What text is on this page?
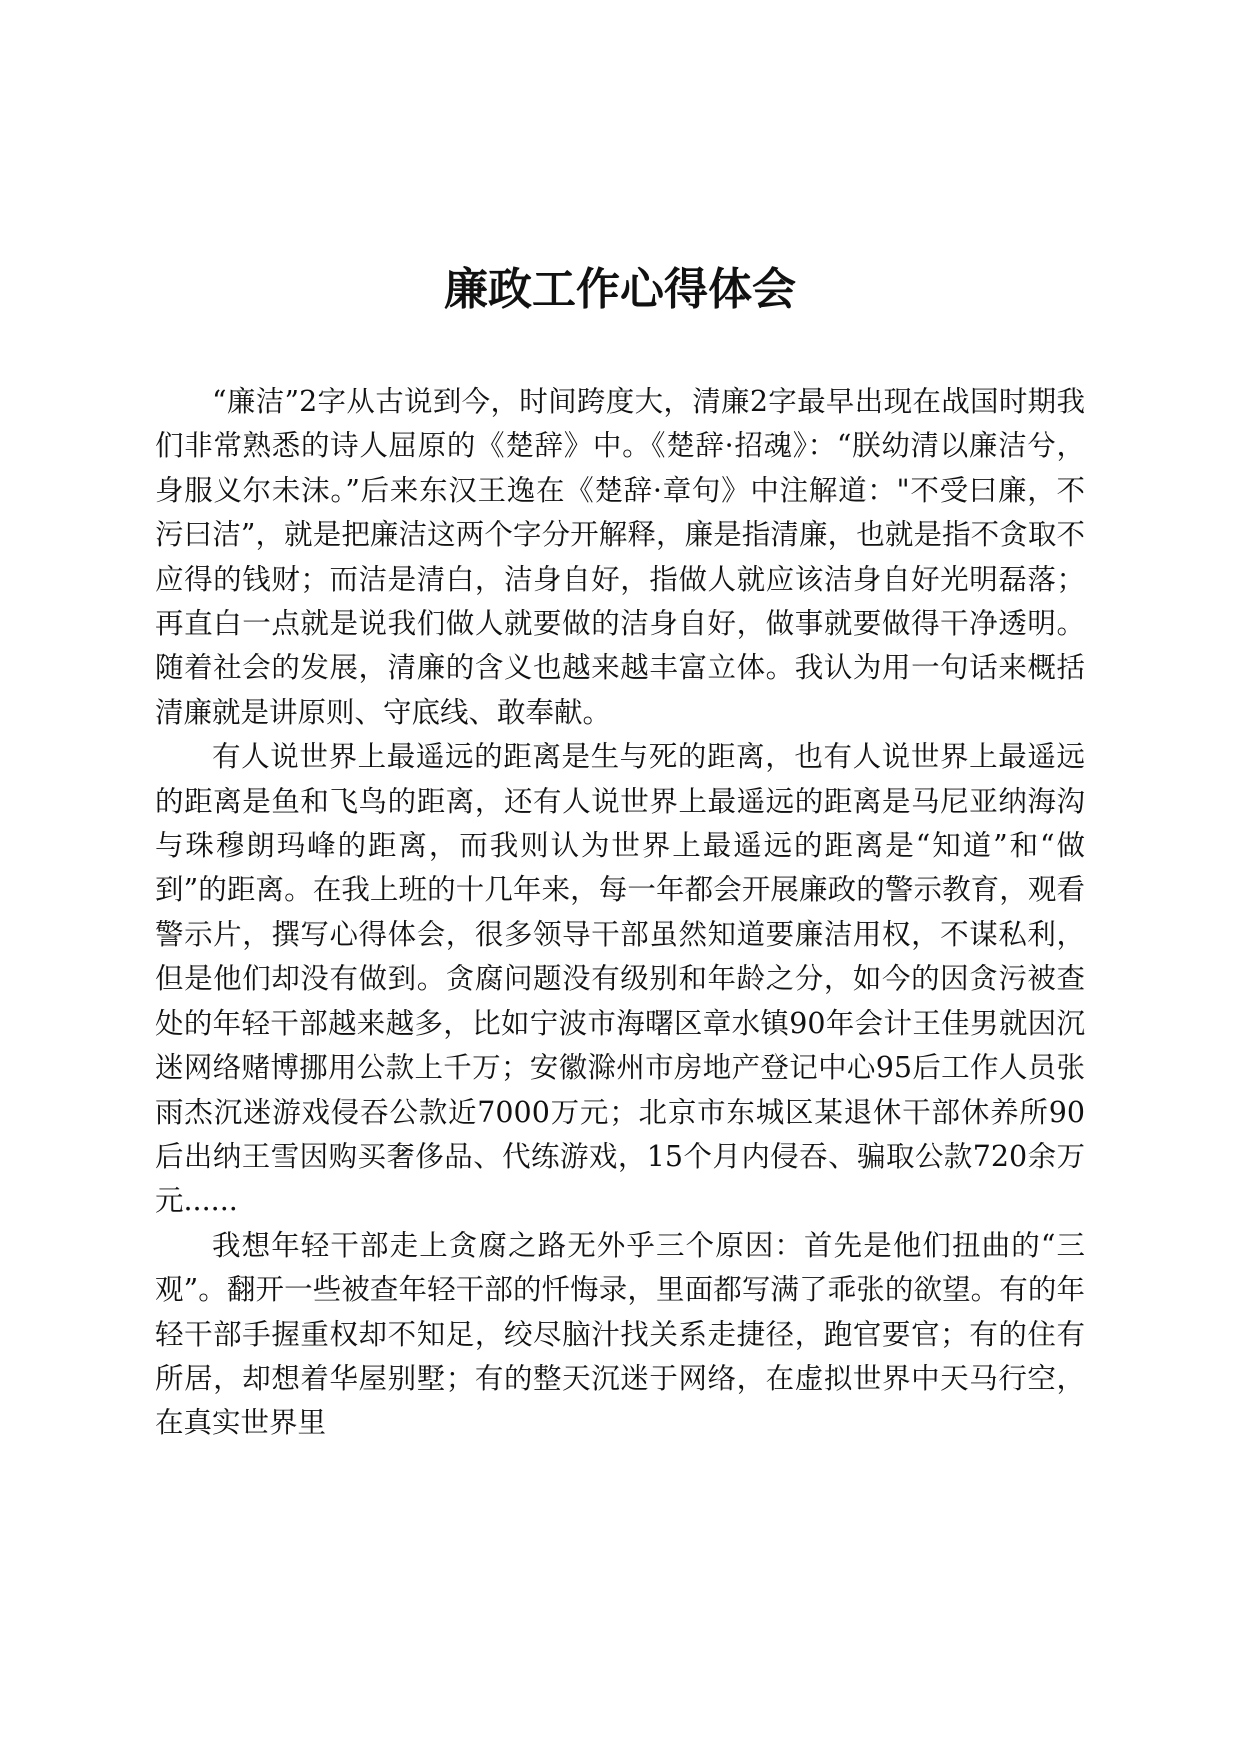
廉政工作心得体会

“廉洁”2字从古说到今，时间跨度大，清廉2字最早出现在战国时期我们非常熟悉的诗人屈原的《楚辞》中。《楚辞·招魂》：“朕幼清以廉洁兮，身服义尔未沫。”后来东汉王逸在《楚辞·章句》中注解道："不受曰廉，不污曰洁”，就是把廉洁这两个字分开解释，廉是指清廉，也就是指不贪取不应得的钱财；而洁是清白，洁身自好，指做人就应该洁身自好光明磊落；再直白一点就是说我们做人就要做的洁身自好，做事就要做得干净透明。随着社会的发展，清廉的含义也越来越丰富立体。我认为用一句话来概括清廉就是讲原则、守底线、敢奉献。

有人说世界上最遥远的距离是生与死的距离，也有人说世界上最遥远的距离是鱼和飞鸟的距离，还有人说世界上最遥远的距离是马尼亚纳海沟与珠穆朗玛峰的距离，而我则认为世界上最遥远的距离是“知道”和“做到”的距离。在我上班的十几年来，每一年都会开展廉政的警示教育，观看警示片，撰写心得体会，很多领导干部虽然知道要廉洁用权，不谋私利，但是他们却没有做到。贪腐问题没有级别和年龄之分，如今的因贪污被查处的年轻干部越来越多，比如宁波市海曙区章水镇90年会计王佳男就因沉迷网络赌博挪用公款上千万；安徽滁州市房地产登记中心95后工作人员张雨杰沉迷游戏侵吞公款近7000万元；北京市东城区某退休干部休养所90后出纳王雪因购买奢侈品、代练游戏，15个月内侵吞、骗取公款720余万元......

我想年轻干部走上贪腐之路无外乎三个原因：首先是他们扭曲的“三观”。翻开一些被查年轻干部的忏悔录，里面都写满了乖张的欲望。有的年轻干部手握重权却不知足，绞尽脑汁找关系走捷径，跑官要官；有的住有所居，却想着华屋别墅；有的整天沉迷于网络，在虚拟世界中天马行空，在真实世界里
